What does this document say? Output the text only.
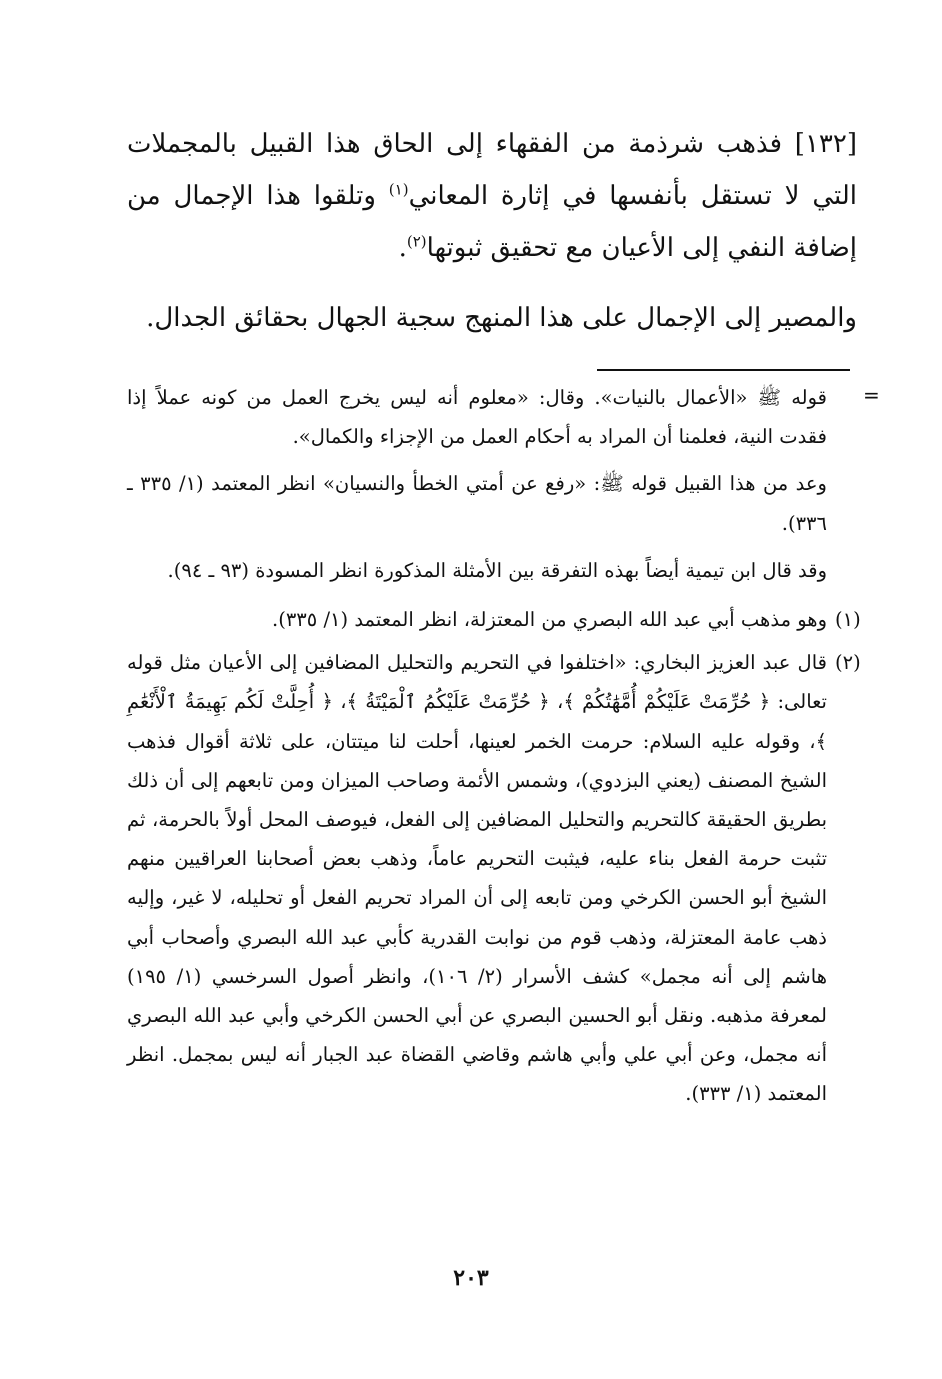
[١٣٢] فذهب شرذمة من الفقهاء إلى الحاق هذا القبيل بالمجملات التي لا تستقل بأنفسها في إثارة المعاني$^{(١)}$ وتلقوا هذا الإجمال من إضافة النفي إلى الأعيان مع تحقيق ثبوتها$^{(٢)}$.

والمصير إلى الإجمال على هذا المنهج سجية الجهال بحقائق الجدال.

=

قوله ﷺ «الأعمال بالنيات». وقال: «معلوم أنه ليس يخرج العمل من كونه عملاً إذا فقدت النية، فعلمنا أن المراد به أحكام العمل من الإجزاء والكمال».

وعد من هذا القبيل قوله ﷺ: «رفع عن أمتي الخطأ والنسيان» انظر المعتمد (١/ ٣٣٥ ـ ٣٣٦).

وقد قال ابن تيمية أيضاً بهذه التفرقة بين الأمثلة المذكورة انظر المسودة (٩٣ ـ ٩٤).

(١)
وهو مذهب أبي عبد الله البصري من المعتزلة، انظر المعتمد (١/ ٣٣٥).

(٢)
قال عبد العزيز البخاري: «اختلفوا في التحريم والتحليل المضافين إلى الأعيان مثل قوله تعالى: ﴿ حُرِّمَتْ عَلَيْكُمْ أُمَّهَٰتُكُمْ ﴾، ﴿ حُرِّمَتْ عَلَيْكُمُ ٱلْمَيْتَةُ ﴾، ﴿ أُحِلَّتْ لَكُم بَهِيمَةُ ٱلْأَنْعَٰمِ ﴾، وقوله عليه السلام: حرمت الخمر لعينها، أحلت لنا ميتتان، على ثلاثة أقوال فذهب الشيخ المصنف (يعني البزدوي)، وشمس الأئمة وصاحب الميزان ومن تابعهم إلى أن ذلك بطريق الحقيقة كالتحريم والتحليل المضافين إلى الفعل، فيوصف المحل أولاً بالحرمة، ثم تثبت حرمة الفعل بناء عليه، فيثبت التحريم عاماً، وذهب بعض أصحابنا العراقيين منهم الشيخ أبو الحسن الكرخي ومن تابعه إلى أن المراد تحريم الفعل أو تحليله، لا غير، وإليه ذهب عامة المعتزلة، وذهب قوم من نوابت القدرية كأبي عبد الله البصري وأصحاب أبي هاشم إلى أنه مجمل» كشف الأسرار (٢/ ١٠٦)، وانظر أصول السرخسي (١/ ١٩٥) لمعرفة مذهبه. ونقل أبو الحسين البصري عن أبي الحسن الكرخي وأبي عبد الله البصري أنه مجمل، وعن أبي علي وأبي هاشم وقاضي القضاة عبد الجبار أنه ليس بمجمل. انظر المعتمد (١/ ٣٣٣).

٢٠٣
